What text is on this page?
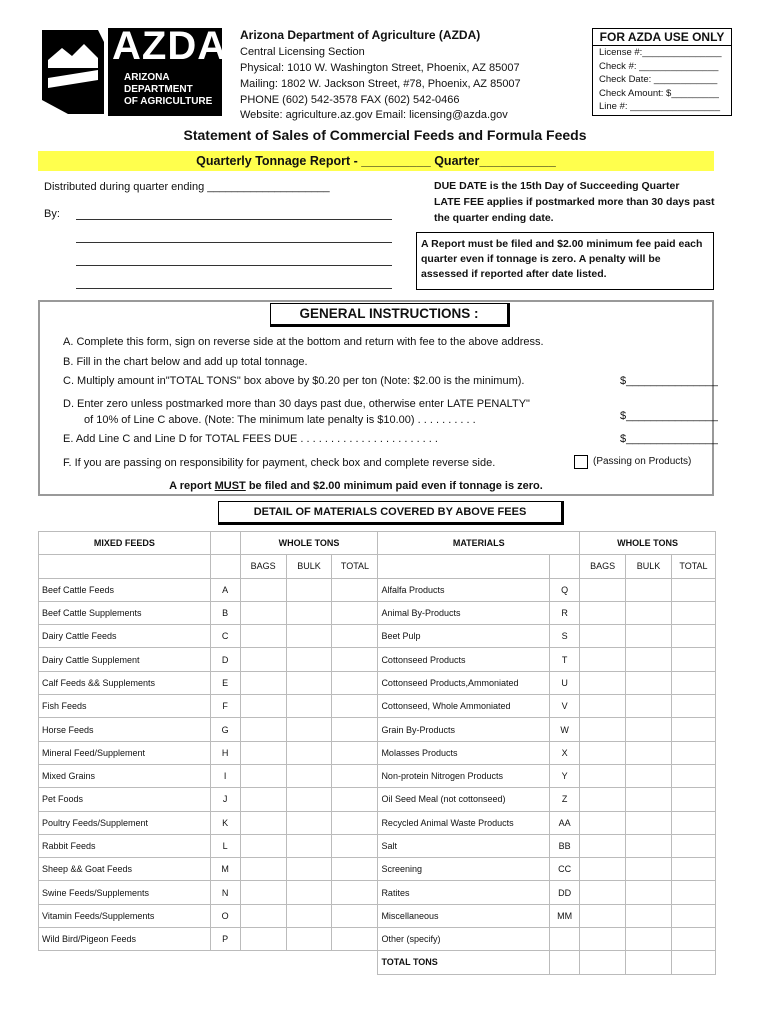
AZDA
ARIZONA
DEPARTMENT
OF AGRICULTURE
Arizona Department of Agriculture (AZDA)
Central Licensing Section
Physical: 1010 W. Washington Street, Phoenix, AZ 85007
Mailing: 1802 W. Jackson Street, #78, Phoenix, AZ 85007
PHONE (602) 542-3578 FAX (602) 542-0466
Website: agriculture.az.gov Email: licensing@azda.gov
FOR AZDA USE ONLY
License #:_______________
Check #: _______________
Check Date: ____________
Check Amount: $_________
Line #: _________________
Statement of Sales of Commercial Feeds and Formula Feeds
Quarterly Tonnage Report - __________ Quarter___________
Distributed during quarter ending ____________________
By:
DUE DATE is the 15th Day of Succeeding Quarter
LATE FEE applies if postmarked more than 30 days past the quarter ending date.
A Report must be filed and $2.00 minimum fee paid each quarter even if tonnage is zero. A penalty will be assessed if reported after date listed.
GENERAL INSTRUCTIONS :
A. Complete this form, sign on reverse side at the bottom and return with fee to the above address.
B. Fill in the chart below and add up total tonnage.
C. Multiply amount in"TOTAL TONS" box above by $0.20 per ton (Note: $2.00 is the minimum).	$_______________
D. Enter zero unless postmarked more than 30 days past due, otherwise enter LATE PENALTY"
of 10% of Line C above. (Note: The minimum late penalty is $10.00) . . . . . . . . . .	$_______________
E. Add Line C and Line D for TOTAL FEES DUE . . . . . . . . . . . . . . . . . . . . . . .	$_______________
F. If you are passing on responsibility for payment, check box and complete reverse side.	(Passing on Products)
A report MUST be filed and $2.00 minimum paid even if tonnage is zero.
DETAIL OF MATERIALS COVERED BY ABOVE FEES
MIXED FEEDS		WHOLE TONS			MATERIALS		WHOLE TONS		

		BAGS	BULK	TOTAL			BAGS	BULK	TOTAL
Beef Cattle Feeds	A				Alfalfa Products	Q			
Beef Cattle Supplements	B				Animal By-Products	R			
Dairy Cattle Feeds	C				Beet Pulp	S			
Dairy Cattle Supplement	D				Cottonseed Products	T			
Calf Feeds && Supplements	E				Cottonseed Products,Ammoniated	U			
Fish Feeds	F				Cottonseed, Whole Ammoniated	V			
Horse Feeds	G				Grain By-Products	W			
Mineral Feed/Supplement	H				Molasses Products	X			
Mixed Grains	I				Non-protein Nitrogen Products	Y			
Pet Foods	J				Oil Seed Meal (not cottonseed)	Z			
Poultry Feeds/Supplement	K				Recycled Animal Waste Products	AA			
Rabbit Feeds	L				Salt	BB			
Sheep && Goat Feeds	M				Screening	CC			
Swine Feeds/Supplements	N				Ratites	DD			
Vitamin Feeds/Supplements	O				Miscellaneous	MM			
Wild Bird/Pigeon Feeds	P				Other (specify)				
					TOTAL TONS				
